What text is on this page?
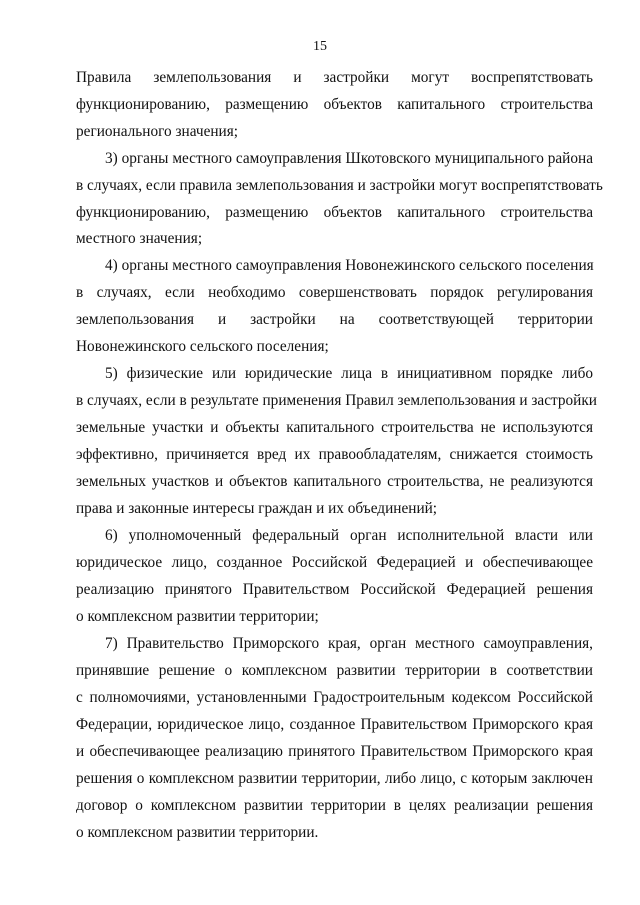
15
Правила землепользования и застройки могут воспрепятствовать
функционированию, размещению объектов капитального строительства
регионального значения;
3) органы местного самоуправления Шкотовского муниципального района
в случаях, если правила землепользования и застройки могут воспрепятствовать
функционированию, размещению объектов капитального строительства
местного значения;
4) органы местного самоуправления Новонежинского сельского поселения
в случаях, если необходимо совершенствовать порядок регулирования
землепользования и застройки на соответствующей территории
Новонежинского сельского поселения;
5) физические или юридические лица в инициативном порядке либо
в случаях, если в результате применения Правил землепользования и застройки
земельные участки и объекты капитального строительства не используются
эффективно, причиняется вред их правообладателям, снижается стоимость
земельных участков и объектов капитального строительства, не реализуются
права и законные интересы граждан и их объединений;
6) уполномоченный федеральный орган исполнительной власти или
юридическое лицо, созданное Российской Федерацией и обеспечивающее
реализацию принятого Правительством Российской Федерацией решения
о комплексном развитии территории;
7) Правительство Приморского края, орган местного самоуправления,
принявшие решение о комплексном развитии территории в соответствии
с полномочиями, установленными Градостроительным кодексом Российской
Федерации, юридическое лицо, созданное Правительством Приморского края
и обеспечивающее реализацию принятого Правительством Приморского края
решения о комплексном развитии территории, либо лицо, с которым заключен
договор о комплексном развитии территории в целях реализации решения
о комплексном развитии территории.
